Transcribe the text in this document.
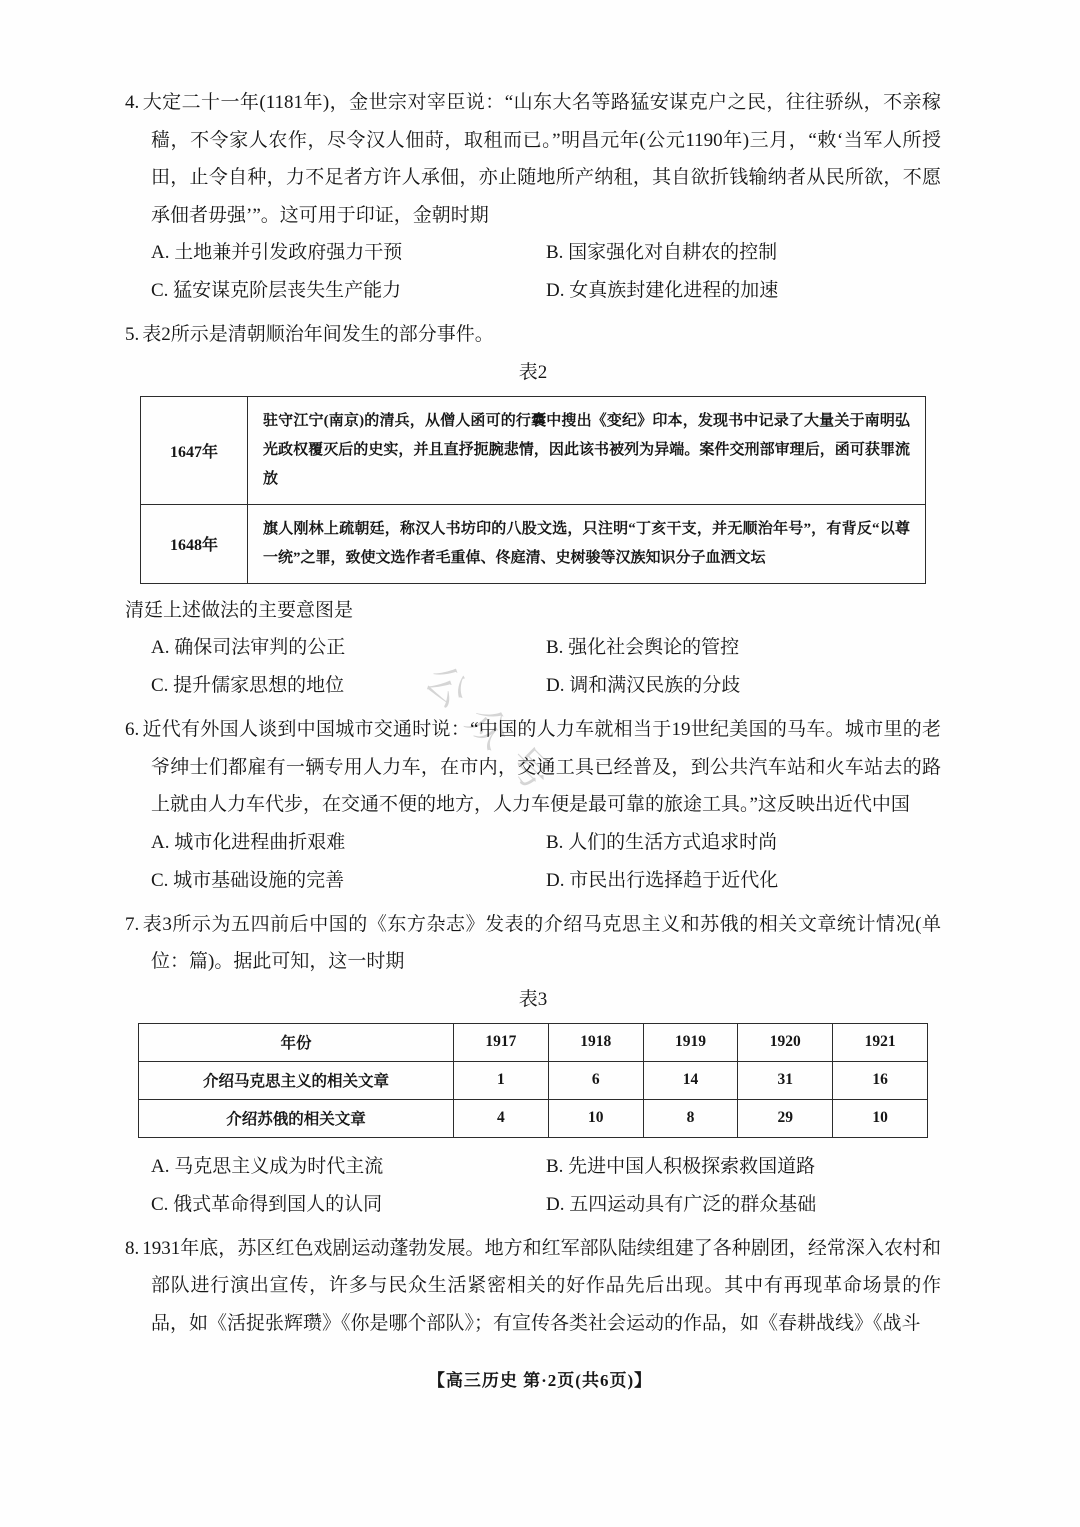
公众号

4. 大定二十一年(1181年)，金世宗对宰臣说：“山东大名等路猛安谋克户之民，往往骄纵，不亲稼穑，不令家人农作，尽令汉人佃莳，取租而已。”明昌元年(公元1190年)三月，“敕‘当军人所授田，止令自种，力不足者方许人承佃，亦止随地所产纳租，其自欲折钱输纳者从民所欲，不愿承佃者毋强’”。这可用于印证，金朝时期

A. 土地兼并引发政府强力干预	B. 国家强化对自耕农的控制
C. 猛安谋克阶层丧失生产能力	D. 女真族封建化进程的加速

5. 表2所示是清朝顺治年间发生的部分事件。

表2
1647年	驻守江宁(南京)的清兵，从僧人函可的行囊中搜出《变纪》印本，发现书中记录了大量关于南明弘光政权覆灭后的史实，并且直抒扼腕悲情，因此该书被列为异端。案件交刑部审理后，函可获罪流放
1648年	旗人刚林上疏朝廷，称汉人书坊印的八股文选，只注明“丁亥干支，并无顺治年号”，有背反“以尊一统”之罪，致使文选作者毛重倬、佟庭清、史树骏等汉族知识分子血洒文坛

清廷上述做法的主要意图是

A. 确保司法审判的公正	B. 强化社会舆论的管控
C. 提升儒家思想的地位	D. 调和满汉民族的分歧

6. 近代有外国人谈到中国城市交通时说：“中国的人力车就相当于19世纪美国的马车。城市里的老爷绅士们都雇有一辆专用人力车，在市内，交通工具已经普及，到公共汽车站和火车站去的路上就由人力车代步，在交通不便的地方，人力车便是最可靠的旅途工具。”这反映出近代中国

A. 城市化进程曲折艰难	B. 人们的生活方式追求时尚
C. 城市基础设施的完善	D. 市民出行选择趋于近代化

7. 表3所示为五四前后中国的《东方杂志》发表的介绍马克思主义和苏俄的相关文章统计情况(单位：篇)。据此可知，这一时期

表3
年份	1917	1918	1919	1920	1921
介绍马克思主义的相关文章	1	6	14	31	16
介绍苏俄的相关文章	4	10	8	29	10
A. 马克思主义成为时代主流	B. 先进中国人积极探索救国道路
C. 俄式革命得到国人的认同	D. 五四运动具有广泛的群众基础

8. 1931年底，苏区红色戏剧运动蓬勃发展。地方和红军部队陆续组建了各种剧团，经常深入农村和部队进行演出宣传，许多与民众生活紧密相关的好作品先后出现。其中有再现革命场景的作品，如《活捉张辉瓒》《你是哪个部队》；有宣传各类社会运动的作品，如《春耕战线》《战斗

【高三历史 第·2页(共6页)】
